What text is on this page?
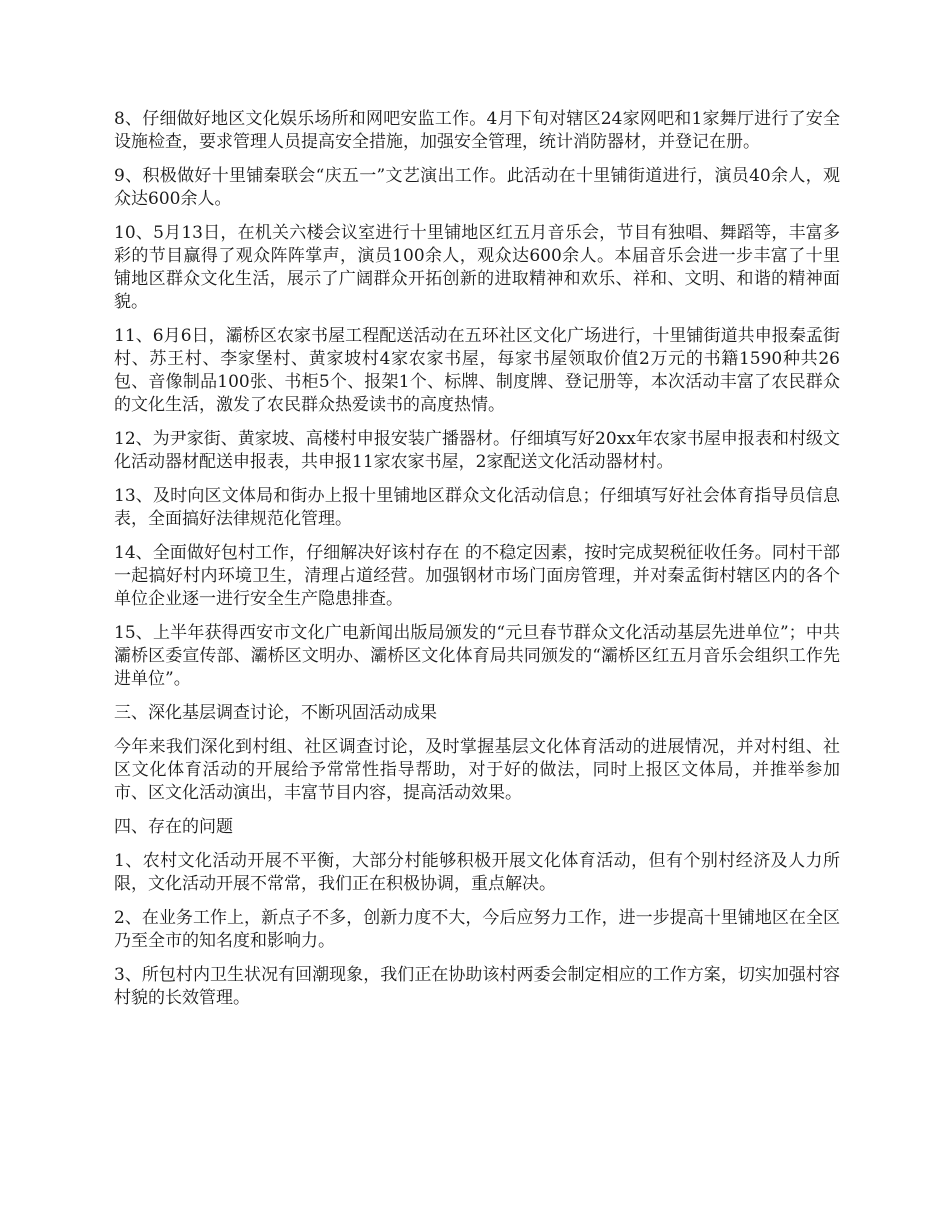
8、仔细做好地区文化娱乐场所和网吧安监工作。4月下旬对辖区24家网吧和1家舞厅进行了安全设施检查，要求管理人员提高安全措施，加强安全管理，统计消防器材，并登记在册。

9、积极做好十里铺秦联会“庆五一”文艺演出工作。此活动在十里铺街道进行，演员40余人，观众达600余人。

10、5月13日，在机关六楼会议室进行十里铺地区红五月音乐会，节目有独唱、舞蹈等，丰富多彩的节目赢得了观众阵阵掌声，演员100余人，观众达600余人。本届音乐会进一步丰富了十里铺地区群众文化生活，展示了广阔群众开拓创新的进取精神和欢乐、祥和、文明、和谐的精神面貌。

11、6月6日，灞桥区农家书屋工程配送活动在五环社区文化广场进行，十里铺街道共申报秦孟街村、苏王村、李家堡村、黄家坡村4家农家书屋，每家书屋领取价值2万元的书籍1590种共26包、音像制品100张、书柜5个、报架1个、标牌、制度牌、登记册等，本次活动丰富了农民群众的文化生活，激发了农民群众热爱读书的高度热情。

12、为尹家街、黄家坡、高楼村申报安装广播器材。仔细填写好20xx年农家书屋申报表和村级文化活动器材配送申报表，共申报11家农家书屋，2家配送文化活动器材村。

13、及时向区文体局和街办上报十里铺地区群众文化活动信息；仔细填写好社会体育指导员信息表，全面搞好法律规范化管理。

14、全面做好包村工作，仔细解决好该村存在 的不稳定因素，按时完成契税征收任务。同村干部一起搞好村内环境卫生，清理占道经营。加强钢材市场门面房管理，并对秦孟街村辖区内的各个单位企业逐一进行安全生产隐患排查。

15、上半年获得西安市文化广电新闻出版局颁发的“元旦春节群众文化活动基层先进单位”；中共灞桥区委宣传部、灞桥区文明办、灞桥区文化体育局共同颁发的“灞桥区红五月音乐会组织工作先进单位”。

三、深化基层调查讨论，不断巩固活动成果

今年来我们深化到村组、社区调查讨论，及时掌握基层文化体育活动的进展情况，并对村组、社区文化体育活动的开展给予常常性指导帮助，对于好的做法，同时上报区文体局，并推举参加市、区文化活动演出，丰富节目内容，提高活动效果。

四、存在的问题

1、农村文化活动开展不平衡，大部分村能够积极开展文化体育活动，但有个别村经济及人力所限，文化活动开展不常常，我们正在积极协调，重点解决。

2、在业务工作上，新点子不多，创新力度不大，今后应努力工作，进一步提高十里铺地区在全区乃至全市的知名度和影响力。

3、所包村内卫生状况有回潮现象，我们正在协助该村两委会制定相应的工作方案，切实加强村容村貌的长效管理。
